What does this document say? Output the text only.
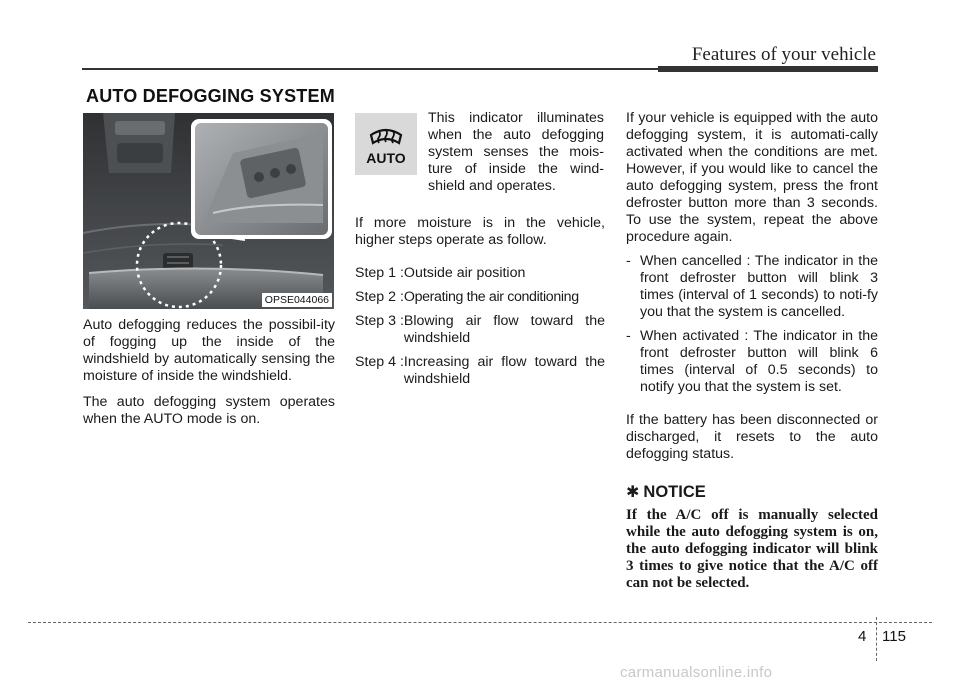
Features of your vehicle
AUTO DEFOGGING SYSTEM
OPSE044066

Auto defogging reduces the possibil-ity of fogging up the inside of the windshield by automatically sensing the moisture of inside the windshield.

The auto defogging system operates when the AUTO mode is on.

AUTO
This indicator illuminates when the auto defogging system senses the mois-ture of inside the wind-shield and operates.

If more moisture is in the vehicle, higher steps operate as follow.

Step 1 : Outside air position
Step 2 : Operating the air conditioning
Step 3 : Blowing air flow toward the windshield
Step 4 : Increasing air flow toward the windshield

If your vehicle is equipped with the auto defogging system, it is automati-cally activated when the conditions are met. However, if you would like to cancel the auto defogging system, press the front defroster button more than 3 seconds. To use the system, repeat the above procedure again.

- When cancelled : The indicator in the front defroster button will blink 3 times (interval of 1 seconds) to noti-fy you that the system is cancelled.
- When activated : The indicator in the front defroster button will blink 6 times (interval of 0.5 seconds) to notify you that the system is set.

If the battery has been disconnected or discharged, it resets to the auto defogging status.

✱ NOTICE
If the A/C off is manually selected while the auto defogging system is on, the auto defogging indicator will blink 3 times to give notice that the A/C off can not be selected.
4 115
carmanualsonline.info
